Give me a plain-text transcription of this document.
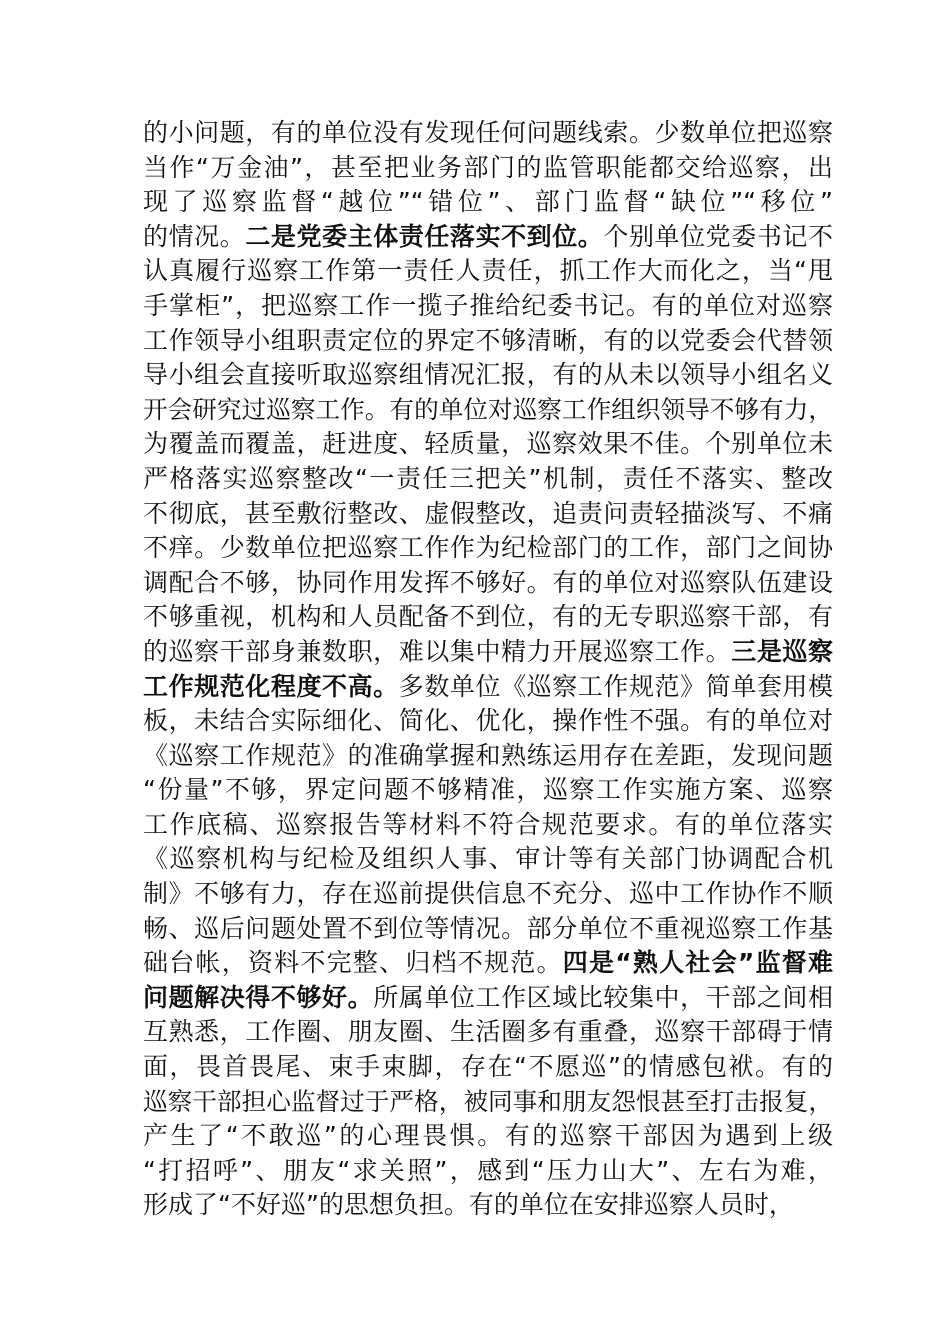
的小问题，有的单位没有发现任何问题线索。少数单位把巡察
当作“万金油”，甚至把业务部门的监管职能都交给巡察，出
现了巡察监督“越位”“错位”、部门监督“缺位”“移位”
的情况。二是党委主体责任落实不到位。个别单位党委书记不
认真履行巡察工作第一责任人责任，抓工作大而化之，当“甩
手掌柜”，把巡察工作一揽子推给纪委书记。有的单位对巡察
工作领导小组职责定位的界定不够清晰，有的以党委会代替领
导小组会直接听取巡察组情况汇报，有的从未以领导小组名义
开会研究过巡察工作。有的单位对巡察工作组织领导不够有力，
为覆盖而覆盖，赶进度、轻质量，巡察效果不佳。个别单位未
严格落实巡察整改“一责任三把关”机制，责任不落实、整改
不彻底，甚至敷衍整改、虚假整改，追责问责轻描淡写、不痛
不痒。少数单位把巡察工作作为纪检部门的工作，部门之间协
调配合不够，协同作用发挥不够好。有的单位对巡察队伍建设
不够重视，机构和人员配备不到位，有的无专职巡察干部，有
的巡察干部身兼数职，难以集中精力开展巡察工作。三是巡察
工作规范化程度不高。多数单位《巡察工作规范》简单套用模
板，未结合实际细化、简化、优化，操作性不强。有的单位对
《巡察工作规范》的准确掌握和熟练运用存在差距，发现问题
“份量”不够，界定问题不够精准，巡察工作实施方案、巡察
工作底稿、巡察报告等材料不符合规范要求。有的单位落实
《巡察机构与纪检及组织人事、审计等有关部门协调配合机
制》不够有力，存在巡前提供信息不充分、巡中工作协作不顺
畅、巡后问题处置不到位等情况。部分单位不重视巡察工作基
础台帐，资料不完整、归档不规范。四是“熟人社会”监督难
问题解决得不够好。所属单位工作区域比较集中，干部之间相
互熟悉，工作圈、朋友圈、生活圈多有重叠，巡察干部碍于情
面，畏首畏尾、束手束脚，存在“不愿巡”的情感包袱。有的
巡察干部担心监督过于严格，被同事和朋友怨恨甚至打击报复，
产生了“不敢巡”的心理畏惧。有的巡察干部因为遇到上级
“打招呼”、朋友“求关照”，感到“压力山大”、左右为难，
形成了“不好巡”的思想负担。有的单位在安排巡察人员时，
